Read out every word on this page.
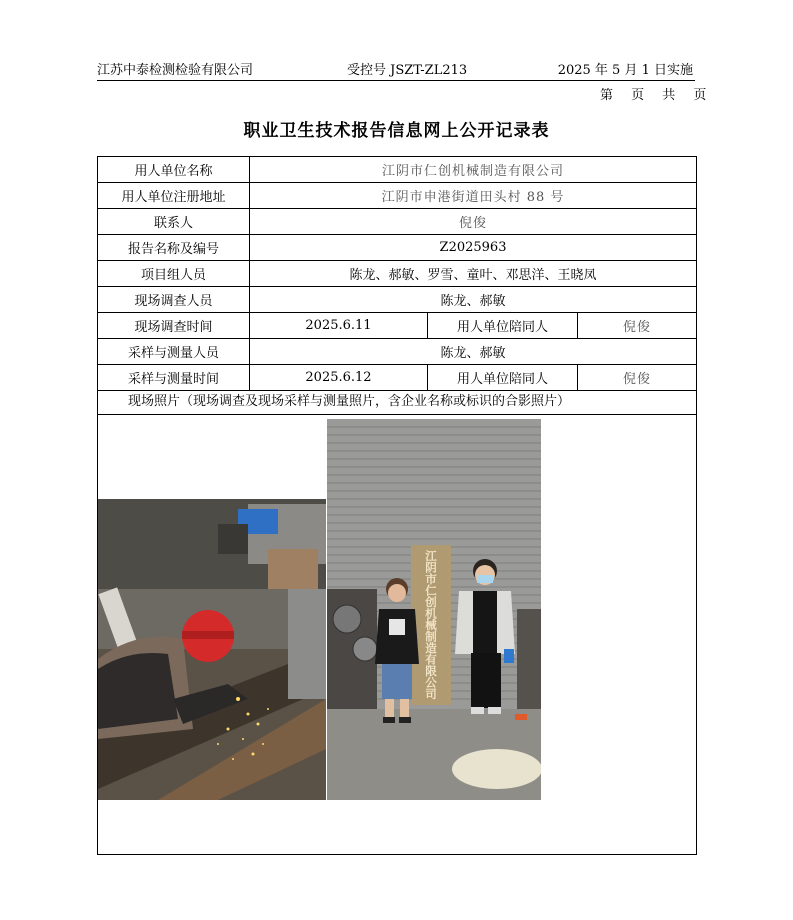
江苏中泰检测检验有限公司	受控号 JSZT-ZL213	2025 年 5 月 1 日实施
第 页 共 页
职业卫生技术报告信息网上公开记录表
用人单位名称	江阴市仁创机械制造有限公司
用人单位注册地址	江阴市申港街道田头村 88 号
联系人	倪俊
报告名称及编号	Z2025963
项目组人员	陈龙、郝敏、罗雪、童叶、邓思洋、王晓凤
现场调查人员	陈龙、郝敏
现场调查时间	2025.6.11	用人单位陪同人	倪俊
采样与测量人员	陈龙、郝敏
采样与测量时间	2025.6.12	用人单位陪同人	倪俊
现场照片（现场调查及现场采样与测量照片，含企业名称或标识的合影照片）
江阴市仁创机械制造有限公司
